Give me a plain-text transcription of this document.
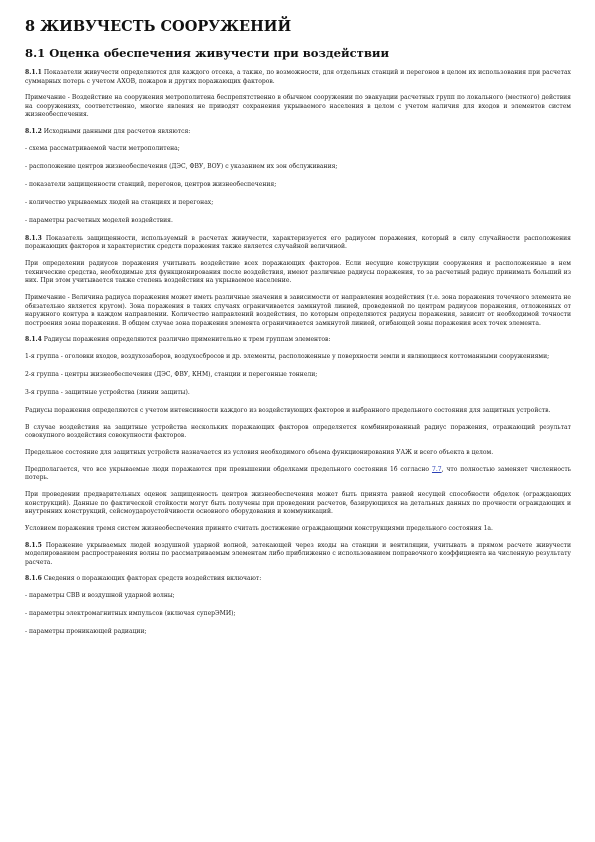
8 ЖИВУЧЕСТЬ СООРУЖЕНИЙ
8.1 Оценка обеспечения живучести при воздействии
8.1.1 Показатели живучести определяются для каждого отсека, а также, по возможности, для отдельных станций и перегонов в целом их использования при расчетах суммарных потерь с учетом АХОВ, пожаров и других поражающих факторов.
Примечание - Воздействие на сооружения метрополитена беспрепятственно в обычном сооружении по эвакуации расчетных групп по локального (местного) действия на сооружениях, соответственно, многие явления не приводят сохранения укрываемого населения в целом с учетом наличия для входов и элементов систем жизнеобеспечения.
8.1.2 Исходными данными для расчетов являются:
- схема рассматриваемой части метрополитена;
- расположение центров жизнеобеспечения (ДЭС, ФВУ, ВОУ) с указанием их зон обслуживания;
- показатели защищенности станций, перегонов, центров жизнеобеспечения;
- количество укрываемых людей на станциях и перегонах;
- параметры расчетных моделей воздействия.
8.1.3 Показатель защищенности, используемый в расчетах живучести, характеризуется его радиусом поражения, который в силу случайности расположения поражающих факторов и характеристик средств поражения также является случайной величиной.
При определении радиусов поражения учитывать воздействие всех поражающих факторов. Если несущие конструкции сооружения и расположенные в нем технические средства, необходимые для функционирования после воздействия, имеют различные радиусы поражения, то за расчетный радиус принимать больший из них. При этом учитывается также степень воздействия на укрываемое население.
Примечание - Величина радиуса поражения может иметь различные значения в зависимости от направления воздействия (т.е. зона поражения точечного элемента не обязательно является кругом). Зона поражения в таких случаях ограничивается замкнутой линией, проведенной по центрам радиусов поражения, отложенных от наружного контура в каждом направлении. Количество направлений воздействия, по которым определяются радиусы поражения, зависит от необходимой точности построения зоны поражения. В общем случае зона поражения элемента ограничивается замкнутой линией, огибающей зоны поражения всех точек элемента.
8.1.4 Радиусы поражения определяются различно применительно к трем группам элементов:
1-я группа - оголовки входов, воздухозаборов, воздухосбросов и др. элементы, расположенные у поверхности земли и являющиеся коттоманными сооружениями;
2-я группа - центры жизнеобеспечения (ДЭС, ФВУ, КНМ), станции и перегонные тоннели;
3-я группа - защитные устройства (линии защиты).
Радиусы поражения определяются с учетом интенсивности каждого из воздействующих факторов и выбранного предельного состояния для защитных устройств.
В случае воздействия на защитные устройства нескольких поражающих факторов определяется комбинированный радиус поражения, отражающий результат совокупного воздействия совокупности факторов.
Предельное состояние для защитных устройств назначается из условия необходимого объема функционирования УАЖ и всего объекта в целом.
Предполагается, что все укрываемые люди поражаются при превышении обделками предельного состояния 1б согласно 7.7, что полностью заменяет численность потерь.
При проведении предварительных оценок защищенность центров жизнеобеспечения может быть принята равной несущей способности обделок (ограждающих конструкций). Данные по фактической стойкости могут быть получены при проведении расчетов, базирующихся на детальных данных по прочности ограждающих и внутренних конструкций, сейсмоудароустойчивости основного оборудования и коммуникаций.
Условием поражения тремя систем жизнеобеспечения принято считать достижение ограждающими конструкциями предельного состояния 1а.
8.1.5 Поражение укрываемых людей воздушной ударной волной, затекающей через входы на станции и вентиляции, учитывать в прямом расчете живучести моделированием распространения волны по рассматриваемым элементам либо приближенно с использованием поправочного коэффициента на численную результату расчета.
8.1.6 Сведения о поражающих факторах средств воздействия включают:
- параметры СВВ и воздушной ударной волны;
- параметры электромагнитных импульсов (включая суперЭМИ);
- параметры проникающей радиации;
